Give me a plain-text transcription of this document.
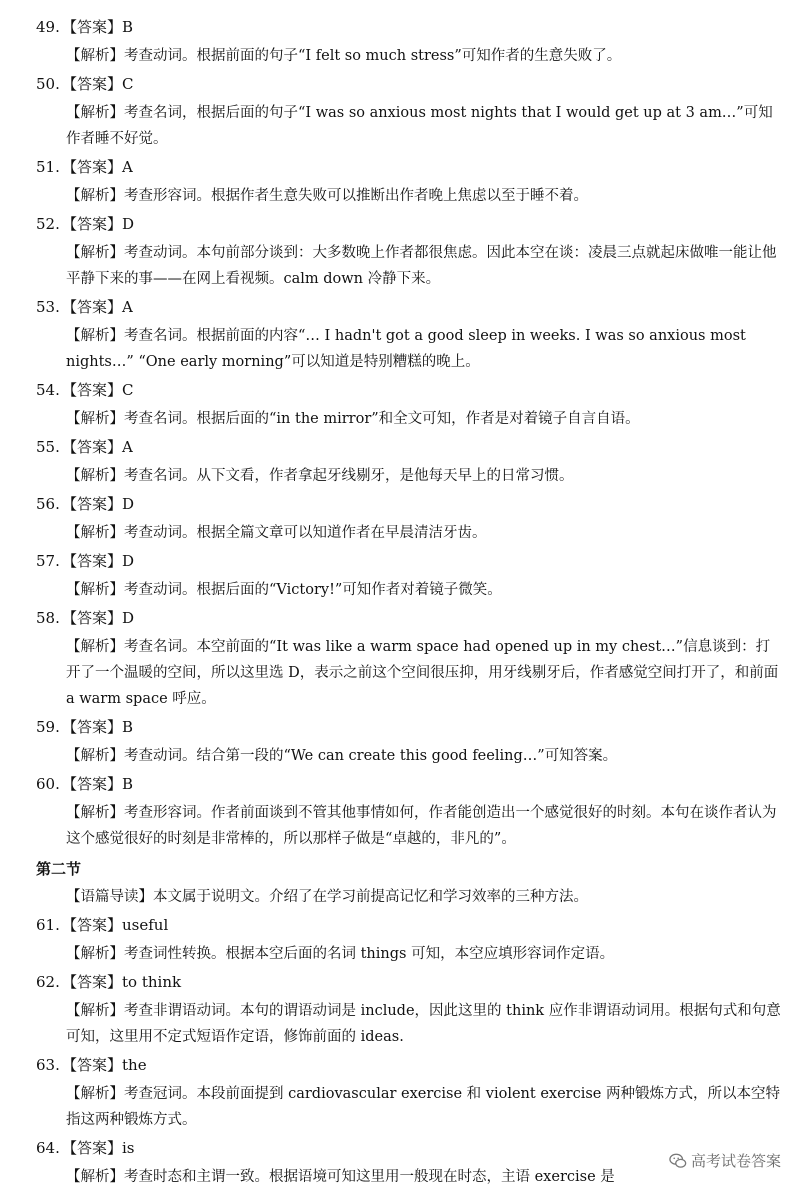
49. 【答案】B
【解析】考查动词。根据前面的句子“I felt so much stress”可知作者的生意失败了。
50. 【答案】C
【解析】考查名词，根据后面的句子“I was so anxious most nights that I would get up at 3 am…”可知作者睡不好觉。
51. 【答案】A
【解析】考查形容词。根据作者生意失败可以推断出作者晚上焦虑以至于睡不着。
52. 【答案】D
【解析】考查动词。本句前部分谈到：大多数晚上作者都很焦虑。因此本空在谈：凌晨三点就起床做唯一能让他平静下来的事——在网上看视频。calm down 冷静下来。
53. 【答案】A
【解析】考查名词。根据前面的内容“… I hadn't got a good sleep in weeks. I was so anxious most nights…” “One early morning”可以知道是特别糟糕的晚上。
54. 【答案】C
【解析】考查名词。根据后面的“in the mirror”和全文可知，作者是对着镜子自言自语。
55. 【答案】A
【解析】考查名词。从下文看，作者拿起牙线剔牙，是他每天早上的日常习惯。
56. 【答案】D
【解析】考查动词。根据全篇文章可以知道作者在早晨清洁牙齿。
57. 【答案】D
【解析】考查动词。根据后面的“Victory!”可知作者对着镜子微笑。
58. 【答案】D
【解析】考查名词。本空前面的“It was like a warm space had opened up in my chest…”信息谈到：打开了一个温暖的空间，所以这里选 D，表示之前这个空间很压抑，用牙线剔牙后，作者感觉空间打开了，和前面 a warm space 呼应。
59. 【答案】B
【解析】考查动词。结合第一段的“We can create this good feeling…”可知答案。
60. 【答案】B
【解析】考查形容词。作者前面谈到不管其他事情如何，作者能创造出一个感觉很好的时刻。本句在谈作者认为这个感觉很好的时刻是非常棒的，所以那样子做是“卓越的，非凡的”。
第二节
【语篇导读】本文属于说明文。介绍了在学习前提高记忆和学习效率的三种方法。
61. 【答案】useful
【解析】考查词性转换。根据本空后面的名词 things 可知，本空应填形容词作定语。
62. 【答案】to think
【解析】考查非谓语动词。本句的谓语动词是 include，因此这里的 think 应作非谓语动词用。根据句式和句意可知，这里用不定式短语作定语，修饰前面的 ideas.
63. 【答案】the
【解析】考查冠词。本段前面提到 cardiovascular exercise 和 violent exercise 两种锻炼方式，所以本空特指这两种锻炼方式。
64. 【答案】is
【解析】考查时态和主谓一致。根据语境可知这里用一般现在时态，主语 exercise 是
高考试卷答案
